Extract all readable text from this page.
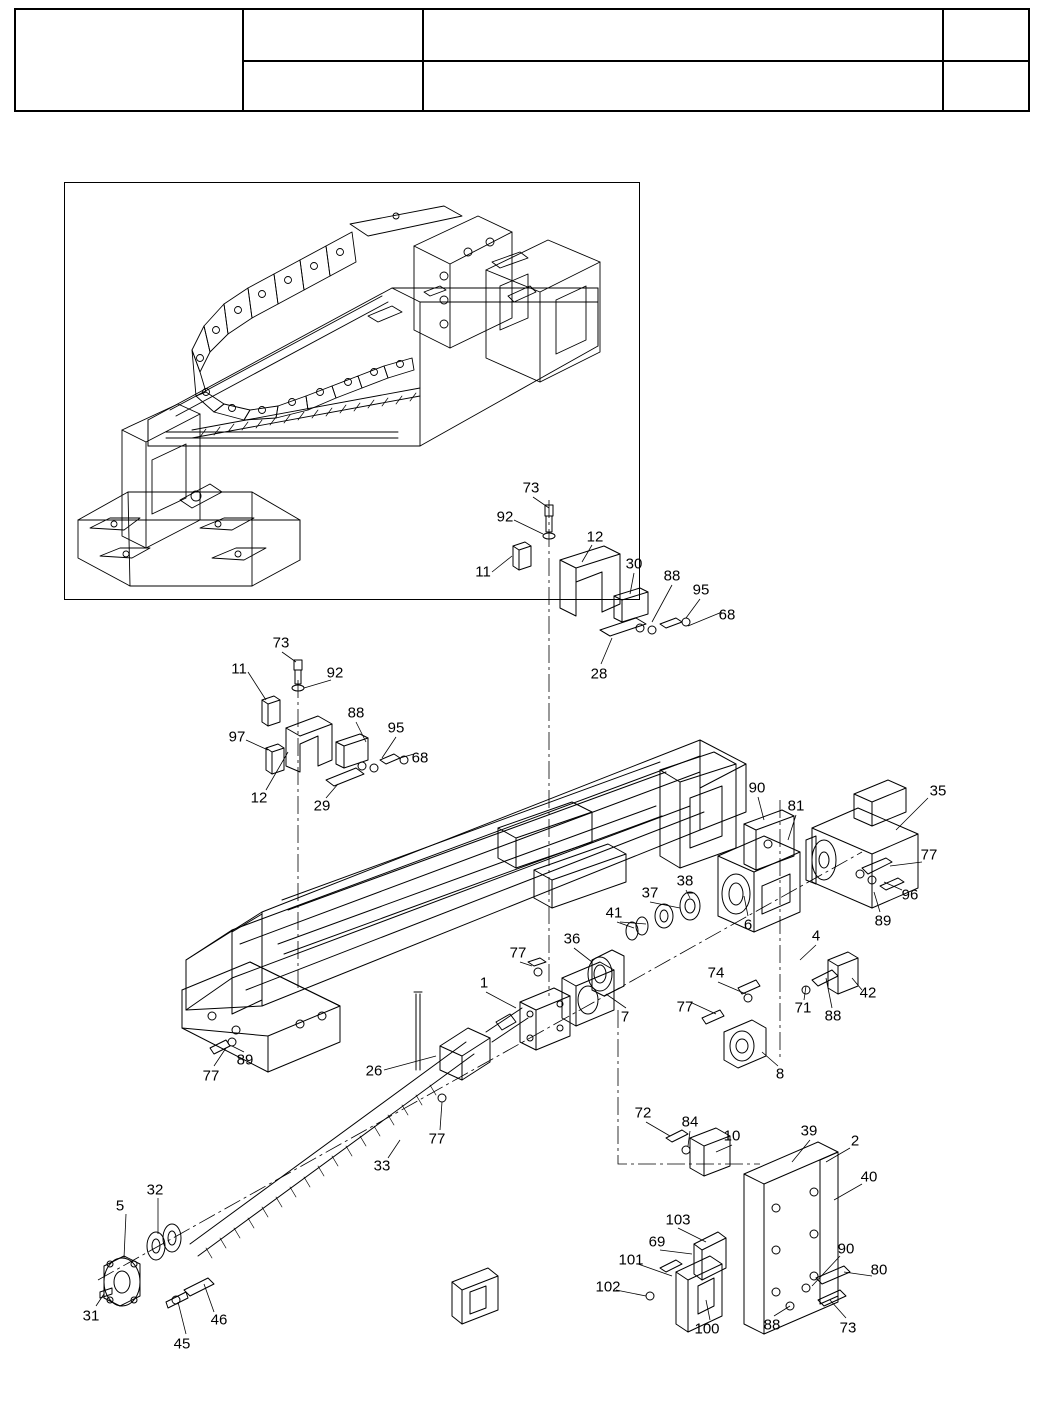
73
92
12
11	30
88
95
68
28
73
11	92
88
95
97
68
12	29
90
81
35
77
96
89
37
38
41
6
4
36
77
74
1
42
7
77	71 88
77
89
26	8
77
33
72
84
10	39
2
40
5
32
103
69
101
90
80
102
31	46
45
100	88	73
